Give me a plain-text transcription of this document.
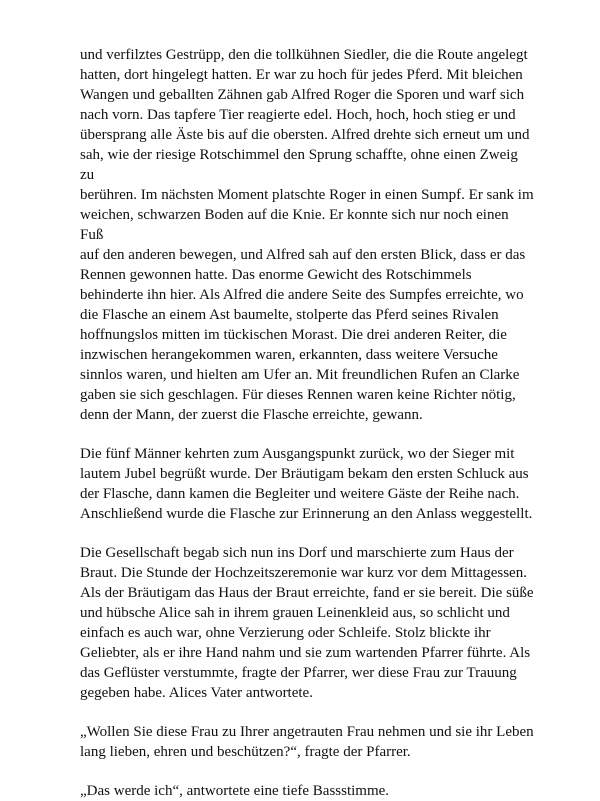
und verfilztes Gestrüpp, den die tollkühnen Siedler, die die Route angelegt
hatten, dort hingelegt hatten. Er war zu hoch für jedes Pferd. Mit bleichen
Wangen und geballten Zähnen gab Alfred Roger die Sporen und warf sich
nach vorn. Das tapfere Tier reagierte edel. Hoch, hoch, hoch stieg er und
übersprang alle Äste bis auf die obersten. Alfred drehte sich erneut um und
sah, wie der riesige Rotschimmel den Sprung schaffte, ohne einen Zweig zu
berühren. Im nächsten Moment platschte Roger in einen Sumpf. Er sank im
weichen, schwarzen Boden auf die Knie. Er konnte sich nur noch einen Fuß
auf den anderen bewegen, und Alfred sah auf den ersten Blick, dass er das
Rennen gewonnen hatte. Das enorme Gewicht des Rotschimmels
behinderte ihn hier. Als Alfred die andere Seite des Sumpfes erreichte, wo
die Flasche an einem Ast baumelte, stolperte das Pferd seines Rivalen
hoffnungslos mitten im tückischen Morast. Die drei anderen Reiter, die
inzwischen herangekommen waren, erkannten, dass weitere Versuche
sinnlos waren, und hielten am Ufer an. Mit freundlichen Rufen an Clarke
gaben sie sich geschlagen. Für dieses Rennen waren keine Richter nötig,
denn der Mann, der zuerst die Flasche erreichte, gewann.

Die fünf Männer kehrten zum Ausgangspunkt zurück, wo der Sieger mit
lautem Jubel begrüßt wurde. Der Bräutigam bekam den ersten Schluck aus
der Flasche, dann kamen die Begleiter und weitere Gäste der Reihe nach.
Anschließend wurde die Flasche zur Erinnerung an den Anlass weggestellt.

Die Gesellschaft begab sich nun ins Dorf und marschierte zum Haus der
Braut. Die Stunde der Hochzeitszeremonie war kurz vor dem Mittagessen.
Als der Bräutigam das Haus der Braut erreichte, fand er sie bereit. Die süße
und hübsche Alice sah in ihrem grauen Leinenkleid aus, so schlicht und
einfach es auch war, ohne Verzierung oder Schleife. Stolz blickte ihr
Geliebter, als er ihre Hand nahm und sie zum wartenden Pfarrer führte. Als
das Geflüster verstummte, fragte der Pfarrer, wer diese Frau zur Trauung
gegeben habe. Alices Vater antwortete.

„Wollen Sie diese Frau zu Ihrer angetrauten Frau nehmen und sie ihr Leben
lang lieben, ehren und beschützen?“, fragte der Pfarrer.

„Das werde ich“, antwortete eine tiefe Bassstimme.
